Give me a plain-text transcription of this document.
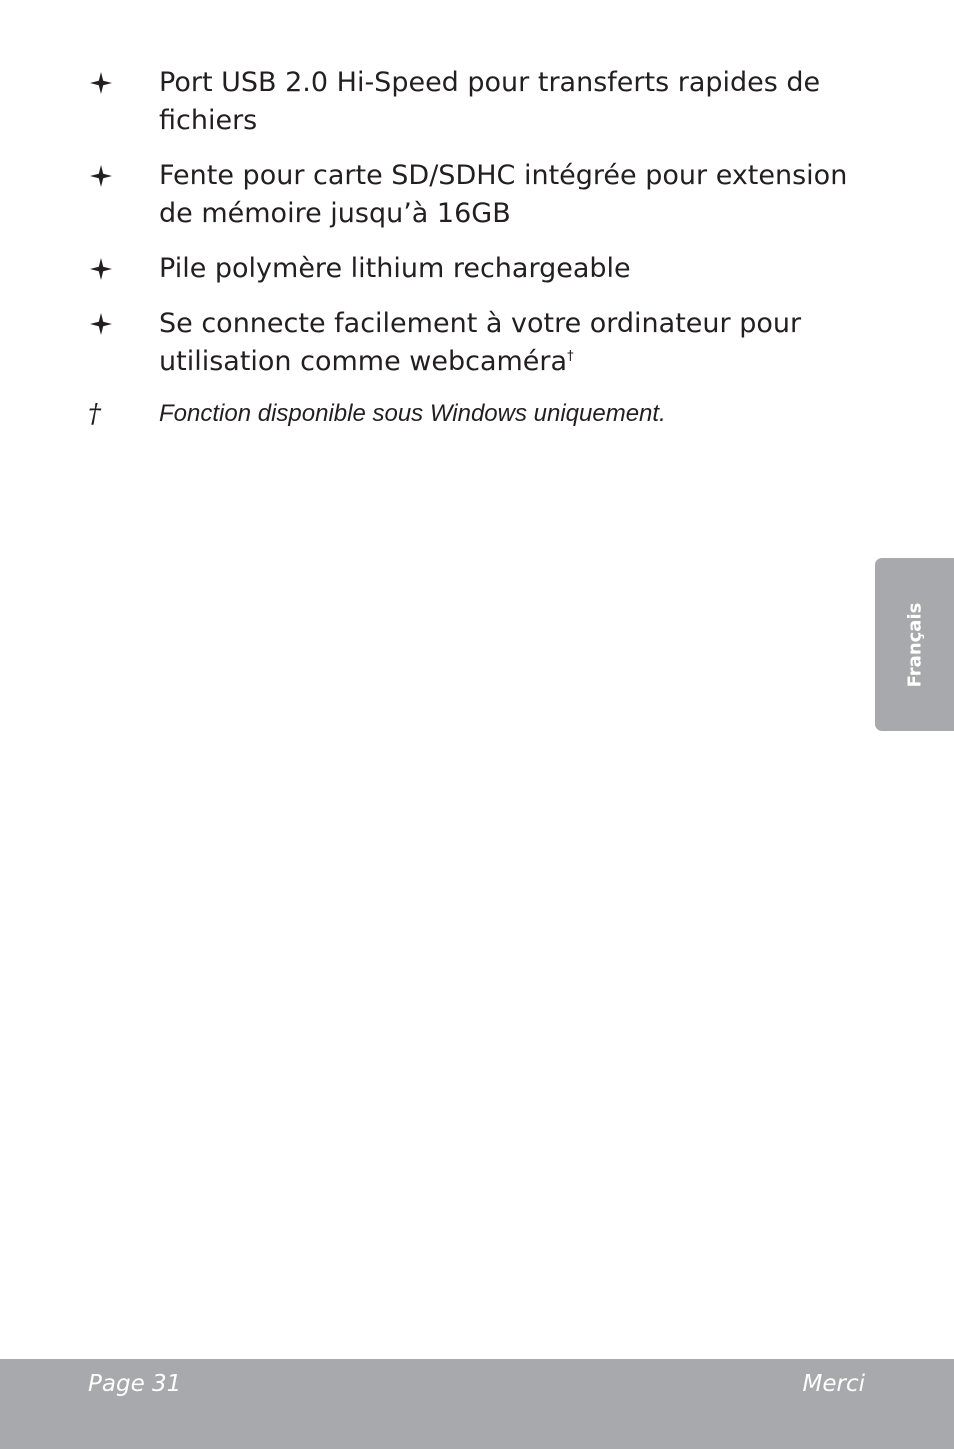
Port USB 2.0 Hi-Speed pour transferts rapides de fichiers
Fente pour carte SD/SDHC intégrée pour extension de mémoire jusqu’à 16GB
Pile polymère lithium rechargeable
Se connecte facilement à votre ordinateur pour utilisation comme webcaméra†
† Fonction disponible sous Windows uniquement.
Français
Page 31	Merci
